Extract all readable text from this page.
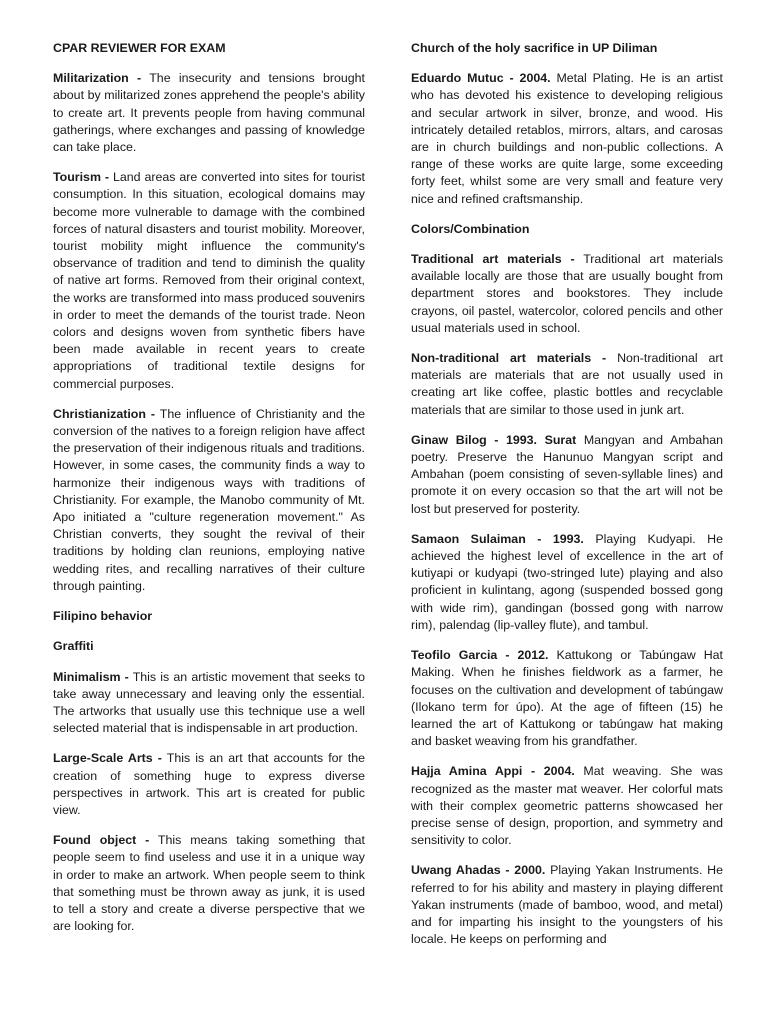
CPAR REVIEWER FOR EXAM

Militarization - The insecurity and tensions brought about by militarized zones apprehend the people's ability to create art. It prevents people from having communal gatherings, where exchanges and passing of knowledge can take place.

Tourism - Land areas are converted into sites for tourist consumption. In this situation, ecological domains may become more vulnerable to damage with the combined forces of natural disasters and tourist mobility. Moreover, tourist mobility might influence the community's observance of tradition and tend to diminish the quality of native art forms. Removed from their original context, the works are transformed into mass produced souvenirs in order to meet the demands of the tourist trade. Neon colors and designs woven from synthetic fibers have been made available in recent years to create appropriations of traditional textile designs for commercial purposes.

Christianization - The influence of Christianity and the conversion of the natives to a foreign religion have affect the preservation of their indigenous rituals and traditions. However, in some cases, the community finds a way to harmonize their indigenous ways with traditions of Christianity. For example, the Manobo community of Mt. Apo initiated a "culture regeneration movement." As Christian converts, they sought the revival of their traditions by holding clan reunions, employing native wedding rites, and recalling narratives of their culture through painting.

Filipino behavior

Graffiti

Minimalism - This is an artistic movement that seeks to take away unnecessary and leaving only the essential. The artworks that usually use this technique use a well selected material that is indispensable in art production.

Large-Scale Arts - This is an art that accounts for the creation of something huge to express diverse perspectives in artwork. This art is created for public view.

Found object - This means taking something that people seem to find useless and use it in a unique way in order to make an artwork. When people seem to think that something must be thrown away as junk, it is used to tell a story and create a diverse perspective that we are looking for.

Church of the holy sacrifice in UP Diliman

Eduardo Mutuc - 2004. Metal Plating. He is an artist who has devoted his existence to developing religious and secular artwork in silver, bronze, and wood. His intricately detailed retablos, mirrors, altars, and carosas are in church buildings and non-public collections. A range of these works are quite large, some exceeding forty feet, whilst some are very small and feature very nice and refined craftsmanship.

Colors/Combination

Traditional art materials - Traditional art materials available locally are those that are usually bought from department stores and bookstores. They include crayons, oil pastel, watercolor, colored pencils and other usual materials used in school.

Non-traditional art materials - Non-traditional art materials are materials that are not usually used in creating art like coffee, plastic bottles and recyclable materials that are similar to those used in junk art.

Ginaw Bilog - 1993. Surat Mangyan and Ambahan poetry. Preserve the Hanunuo Mangyan script and Ambahan (poem consisting of seven-syllable lines) and promote it on every occasion so that the art will not be lost but preserved for posterity.

Samaon Sulaiman - 1993. Playing Kudyapi. He achieved the highest level of excellence in the art of kutiyapi or kudyapi (two-stringed lute) playing and also proficient in kulintang, agong (suspended bossed gong with wide rim), gandingan (bossed gong with narrow rim), palendag (lip-valley flute), and tambul.

Teofilo Garcia - 2012. Kattukong or Tabúngaw Hat Making. When he finishes fieldwork as a farmer, he focuses on the cultivation and development of tabúngaw (Ilokano term for úpo). At the age of fifteen (15) he learned the art of Kattukong or tabúngaw hat making and basket weaving from his grandfather.

Hajja Amina Appi - 2004. Mat weaving. She was recognized as the master mat weaver. Her colorful mats with their complex geometric patterns showcased her precise sense of design, proportion, and symmetry and sensitivity to color.

Uwang Ahadas - 2000. Playing Yakan Instruments. He referred to for his ability and mastery in playing different Yakan instruments (made of bamboo, wood, and metal) and for imparting his insight to the youngsters of his locale. He keeps on performing and
